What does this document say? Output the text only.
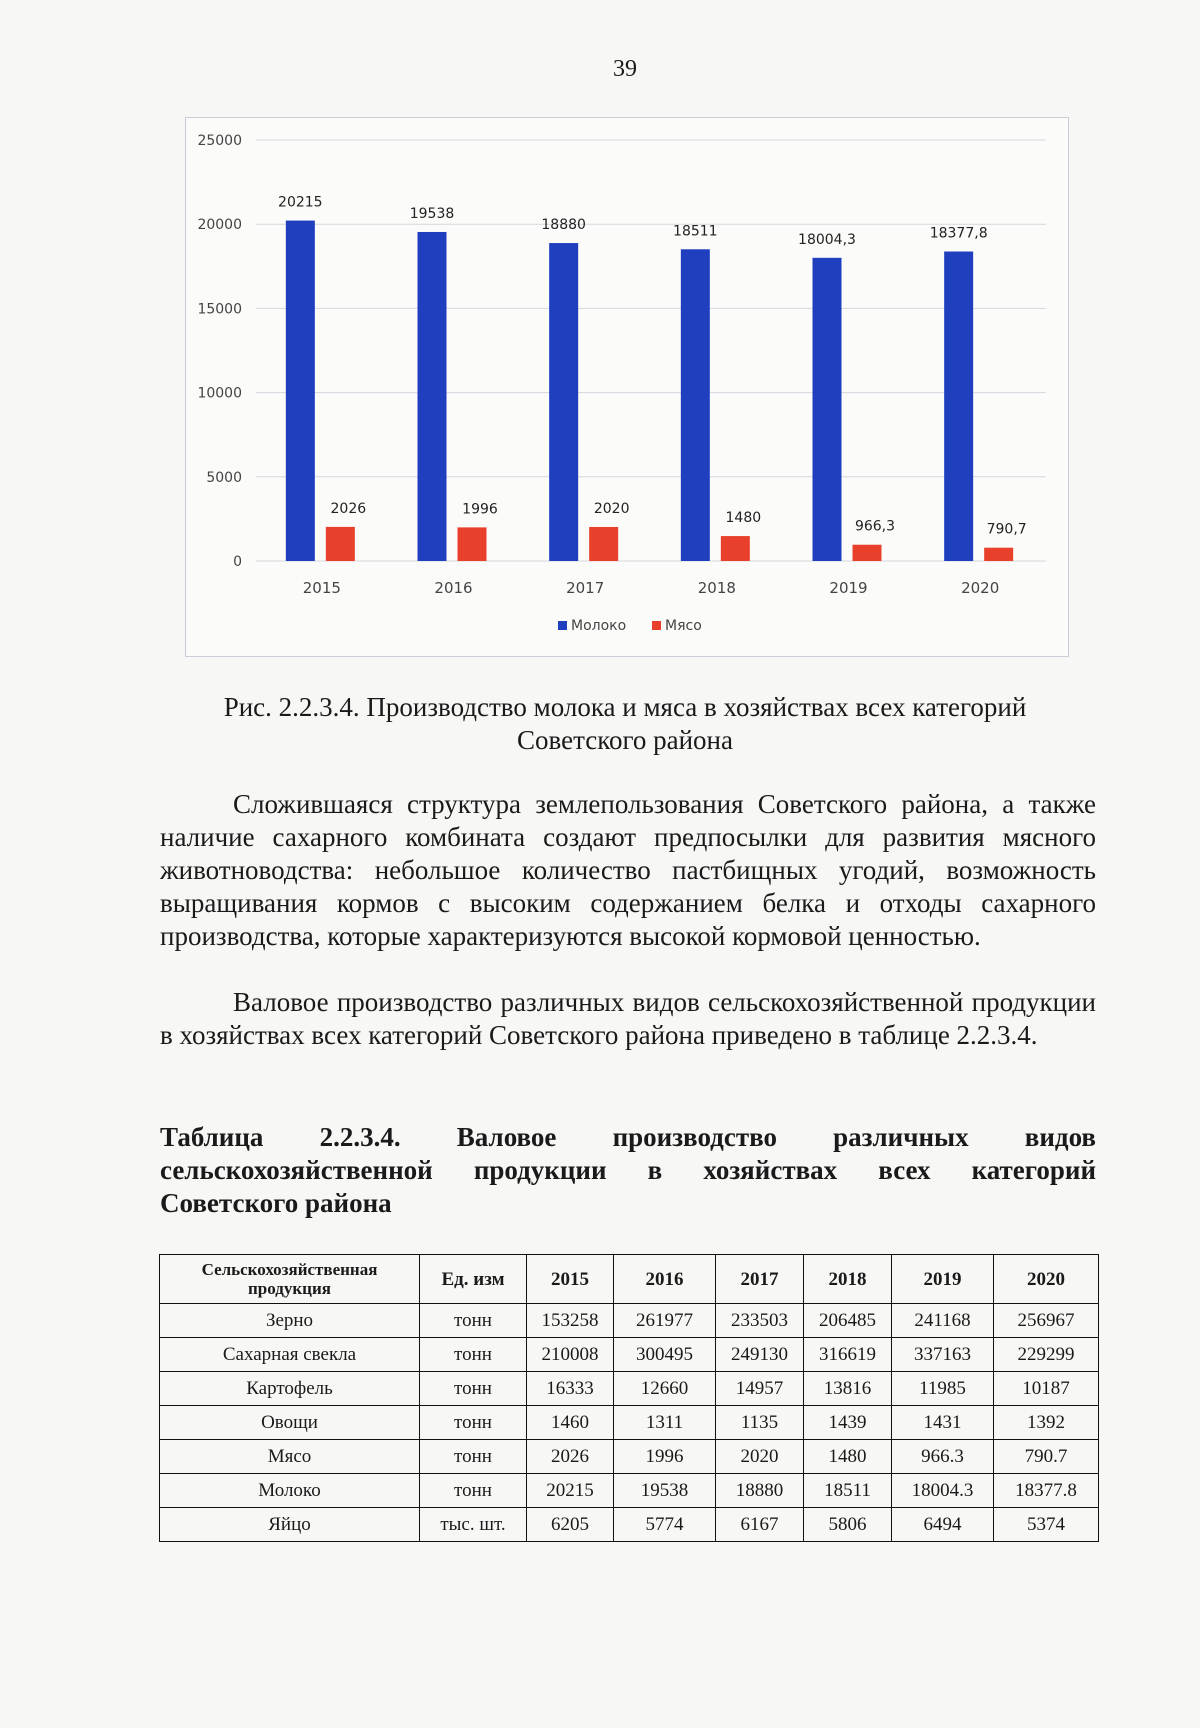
39
0
5000
10000
15000
20000
25000
20215
2026
2015
19538
1996
2016
18880
2020
2017
18511
1480
2018
18004,3
966,3
2019
18377,8
790,7
2020
Молоко	Мясо
Рис. 2.2.3.4. Производство молока и мяса в хозяйствах всех категорий
Советского района

Сложившаяся структура землепользования Советского района, а также наличие сахарного комбината создают предпосылки для развития мясного животноводства: небольшое количество пастбищных угодий, возможность выращивания кормов с высоким содержанием белка и отходы сахарного производства, которые характеризуются высокой кормовой ценностью.

Валовое производство различных видов сельскохозяйственной продукции в хозяйствах всех категорий Советского района приведено в таблице 2.2.3.4.

Таблица 2.2.3.4. Валовое производство различных видов
сельскохозяйственной продукции в хозяйствах всех категорий
Советского района
Сельскохозяйственная продукция	Ед. изм	2015	2016	2017	2018	2019	2020
Зерно	тонн	153258	261977	233503	206485	241168	256967
Сахарная свекла	тонн	210008	300495	249130	316619	337163	229299
Картофель	тонн	16333	12660	14957	13816	11985	10187
Овощи	тонн	1460	1311	1135	1439	1431	1392
Мясо	тонн	2026	1996	2020	1480	966.3	790.7
Молоко	тонн	20215	19538	18880	18511	18004.3	18377.8
Яйцо	тыс. шт.	6205	5774	6167	5806	6494	5374
